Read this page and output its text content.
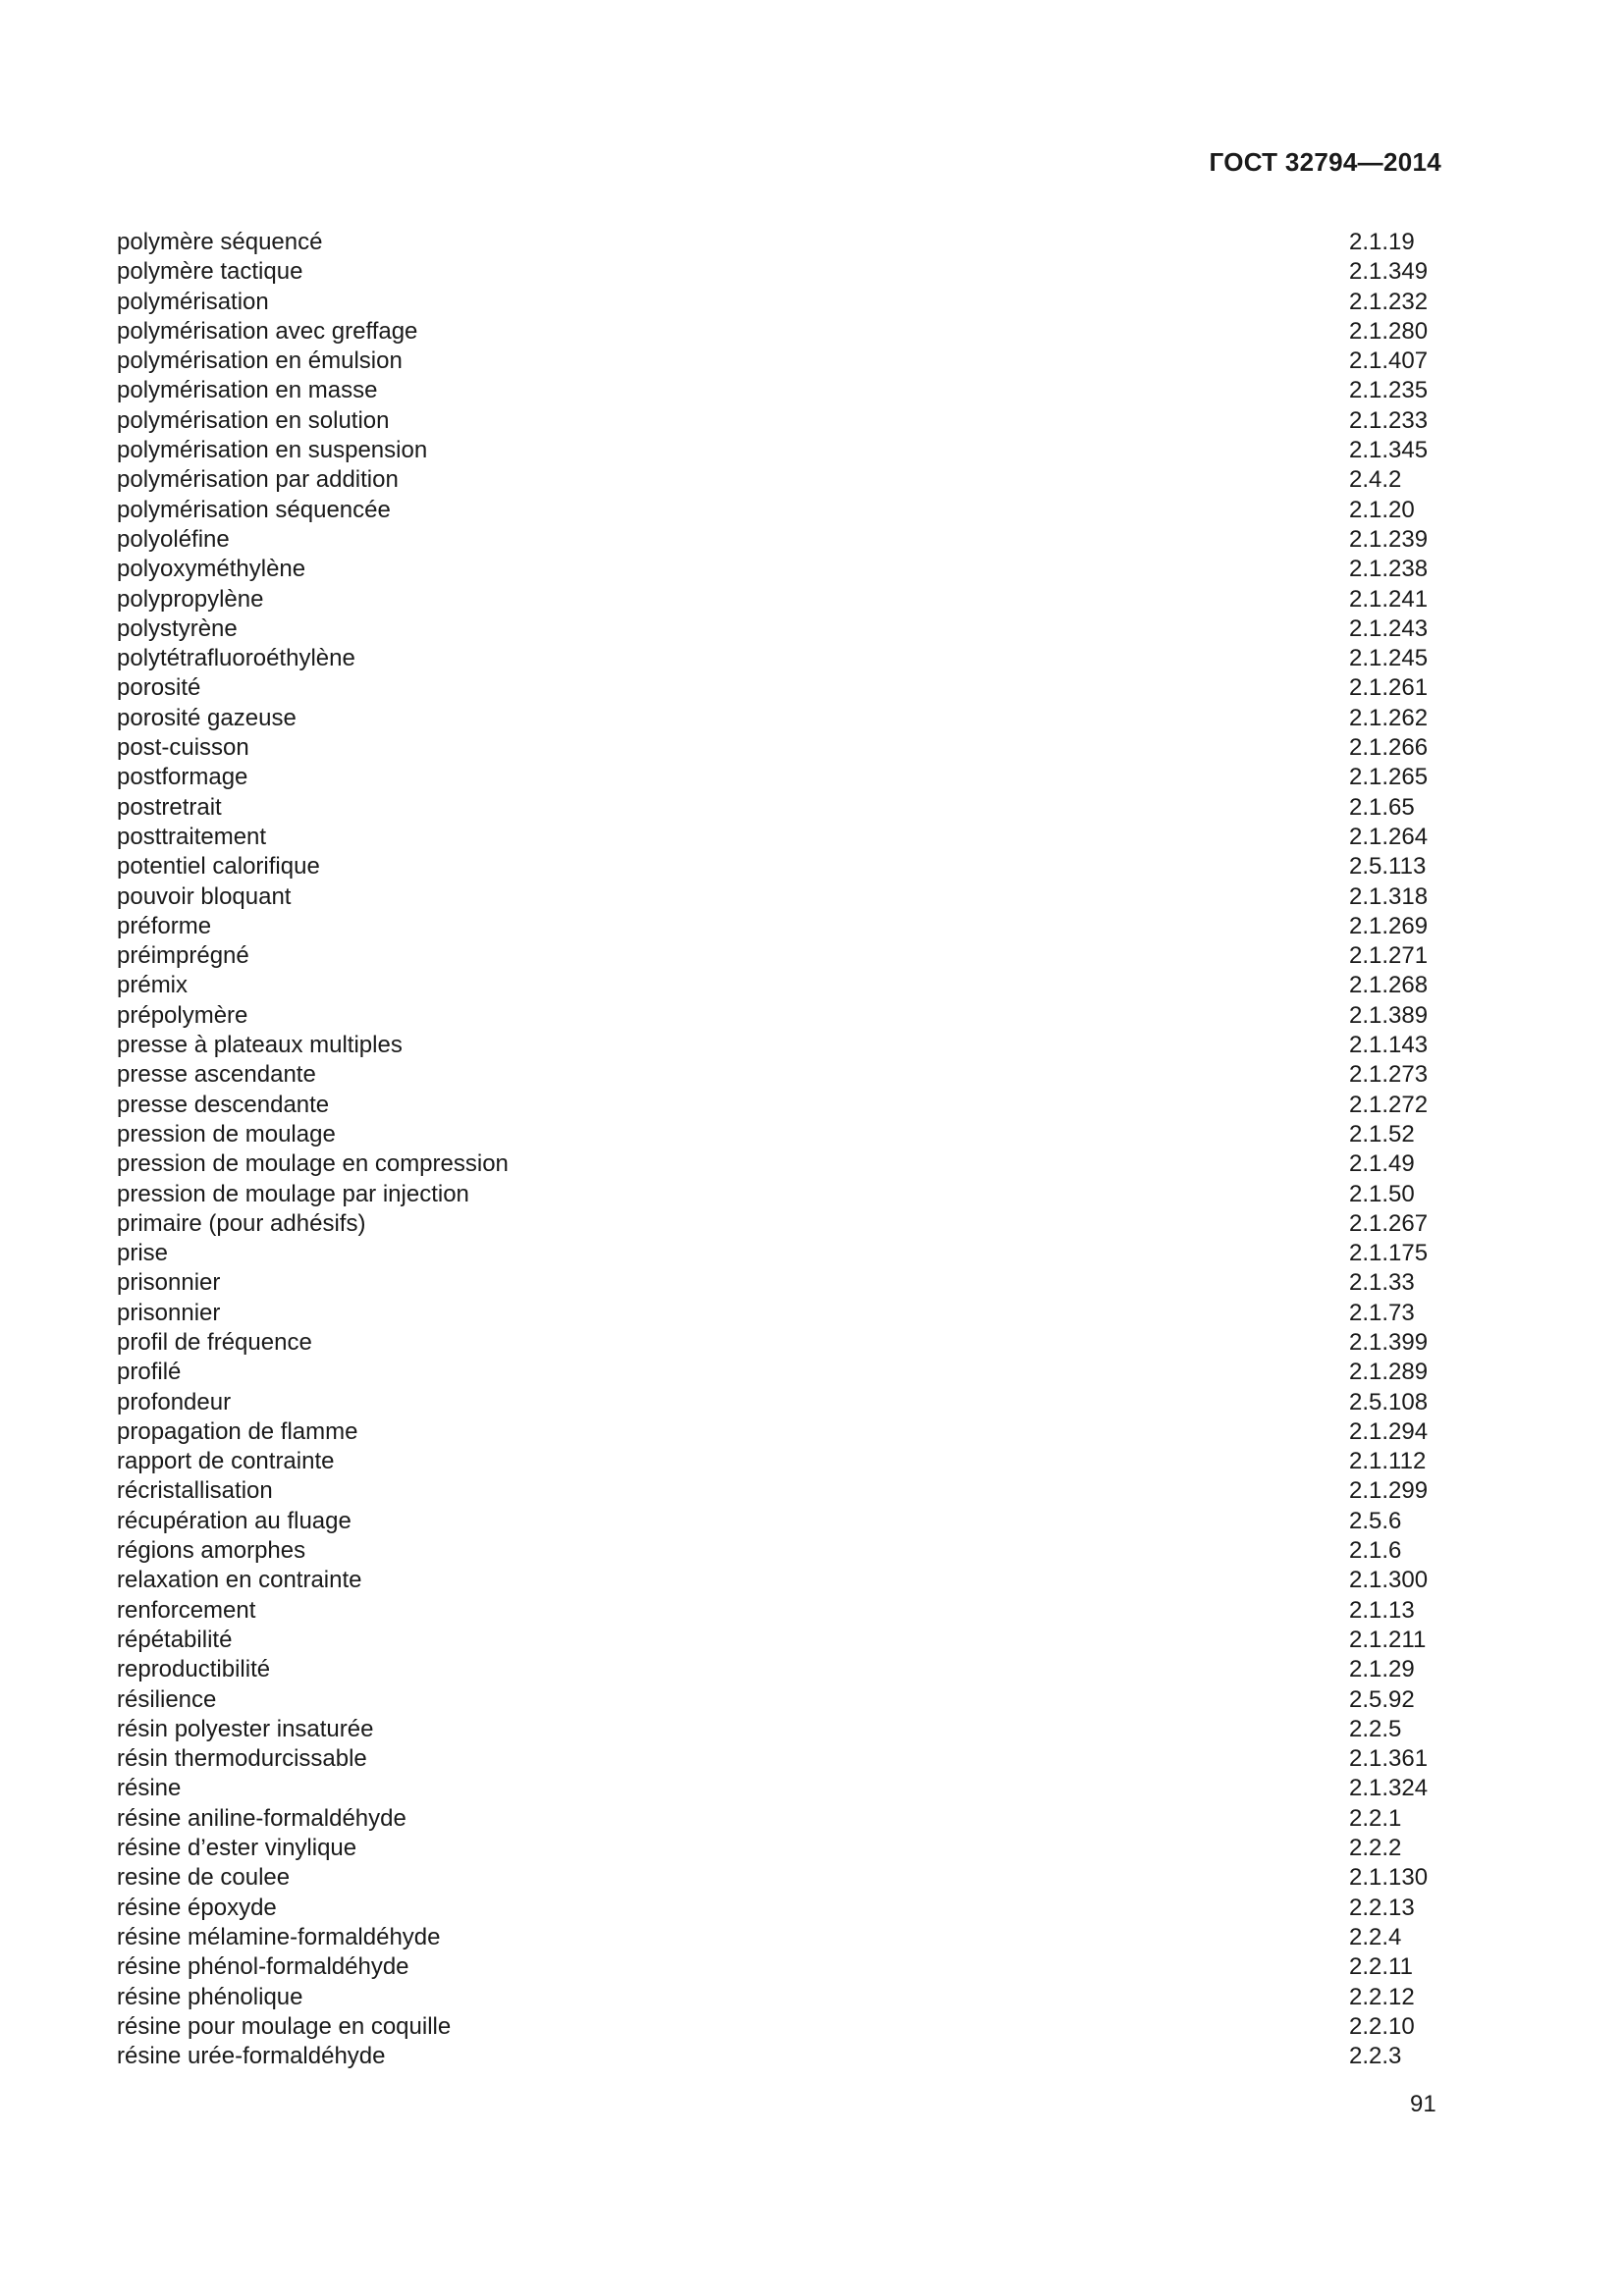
ГОСТ 32794—2014
polymère séquencé	2.1.19
polymère tactique	2.1.349
polymérisation	2.1.232
polymérisation avec greffage	2.1.280
polymérisation en émulsion	2.1.407
polymérisation en masse	2.1.235
polymérisation en solution	2.1.233
polymérisation en suspension	2.1.345
polymérisation par addition	2.4.2
polymérisation séquencée	2.1.20
polyoléfine	2.1.239
polyoxyméthylène	2.1.238
polypropylène	2.1.241
polystyrène	2.1.243
polytétrafluoroéthylène	2.1.245
porosité	2.1.261
porosité gazeuse	2.1.262
post-cuisson	2.1.266
postformage	2.1.265
postretrait	2.1.65
posttraitement	2.1.264
potentiel calorifique	2.5.113
pouvoir bloquant	2.1.318
préforme	2.1.269
préimprégné	2.1.271
prémix	2.1.268
prépolymère	2.1.389
presse à plateaux multiples	2.1.143
presse ascendante	2.1.273
presse descendante	2.1.272
pression de moulage	2.1.52
pression de moulage en compression	2.1.49
pression de moulage par injection	2.1.50
primaire (pour adhésifs)	2.1.267
prise	2.1.175
prisonnier	2.1.33
prisonnier	2.1.73
profil de fréquence	2.1.399
profilé	2.1.289
profondeur	2.5.108
propagation de flamme	2.1.294
rapport de contrainte	2.1.112
récristallisation	2.1.299
récupération au fluage	2.5.6
régions amorphes	2.1.6
relaxation en contrainte	2.1.300
renforcement	2.1.13
répétabilité	2.1.211
reproductibilité	2.1.29
résilience	2.5.92
résin polyester insaturée	2.2.5
résin thermodurcissable	2.1.361
résine	2.1.324
résine aniline-formaldéhyde	2.2.1
résine d’ester vinylique	2.2.2
resine de coulee	2.1.130
résine époxyde	2.2.13
résine mélamine-formaldéhyde	2.2.4
résine phénol-formaldéhyde	2.2.11
résine phénolique	2.2.12
résine pour moulage en coquille	2.2.10
résine urée-formaldéhyde	2.2.3
91
